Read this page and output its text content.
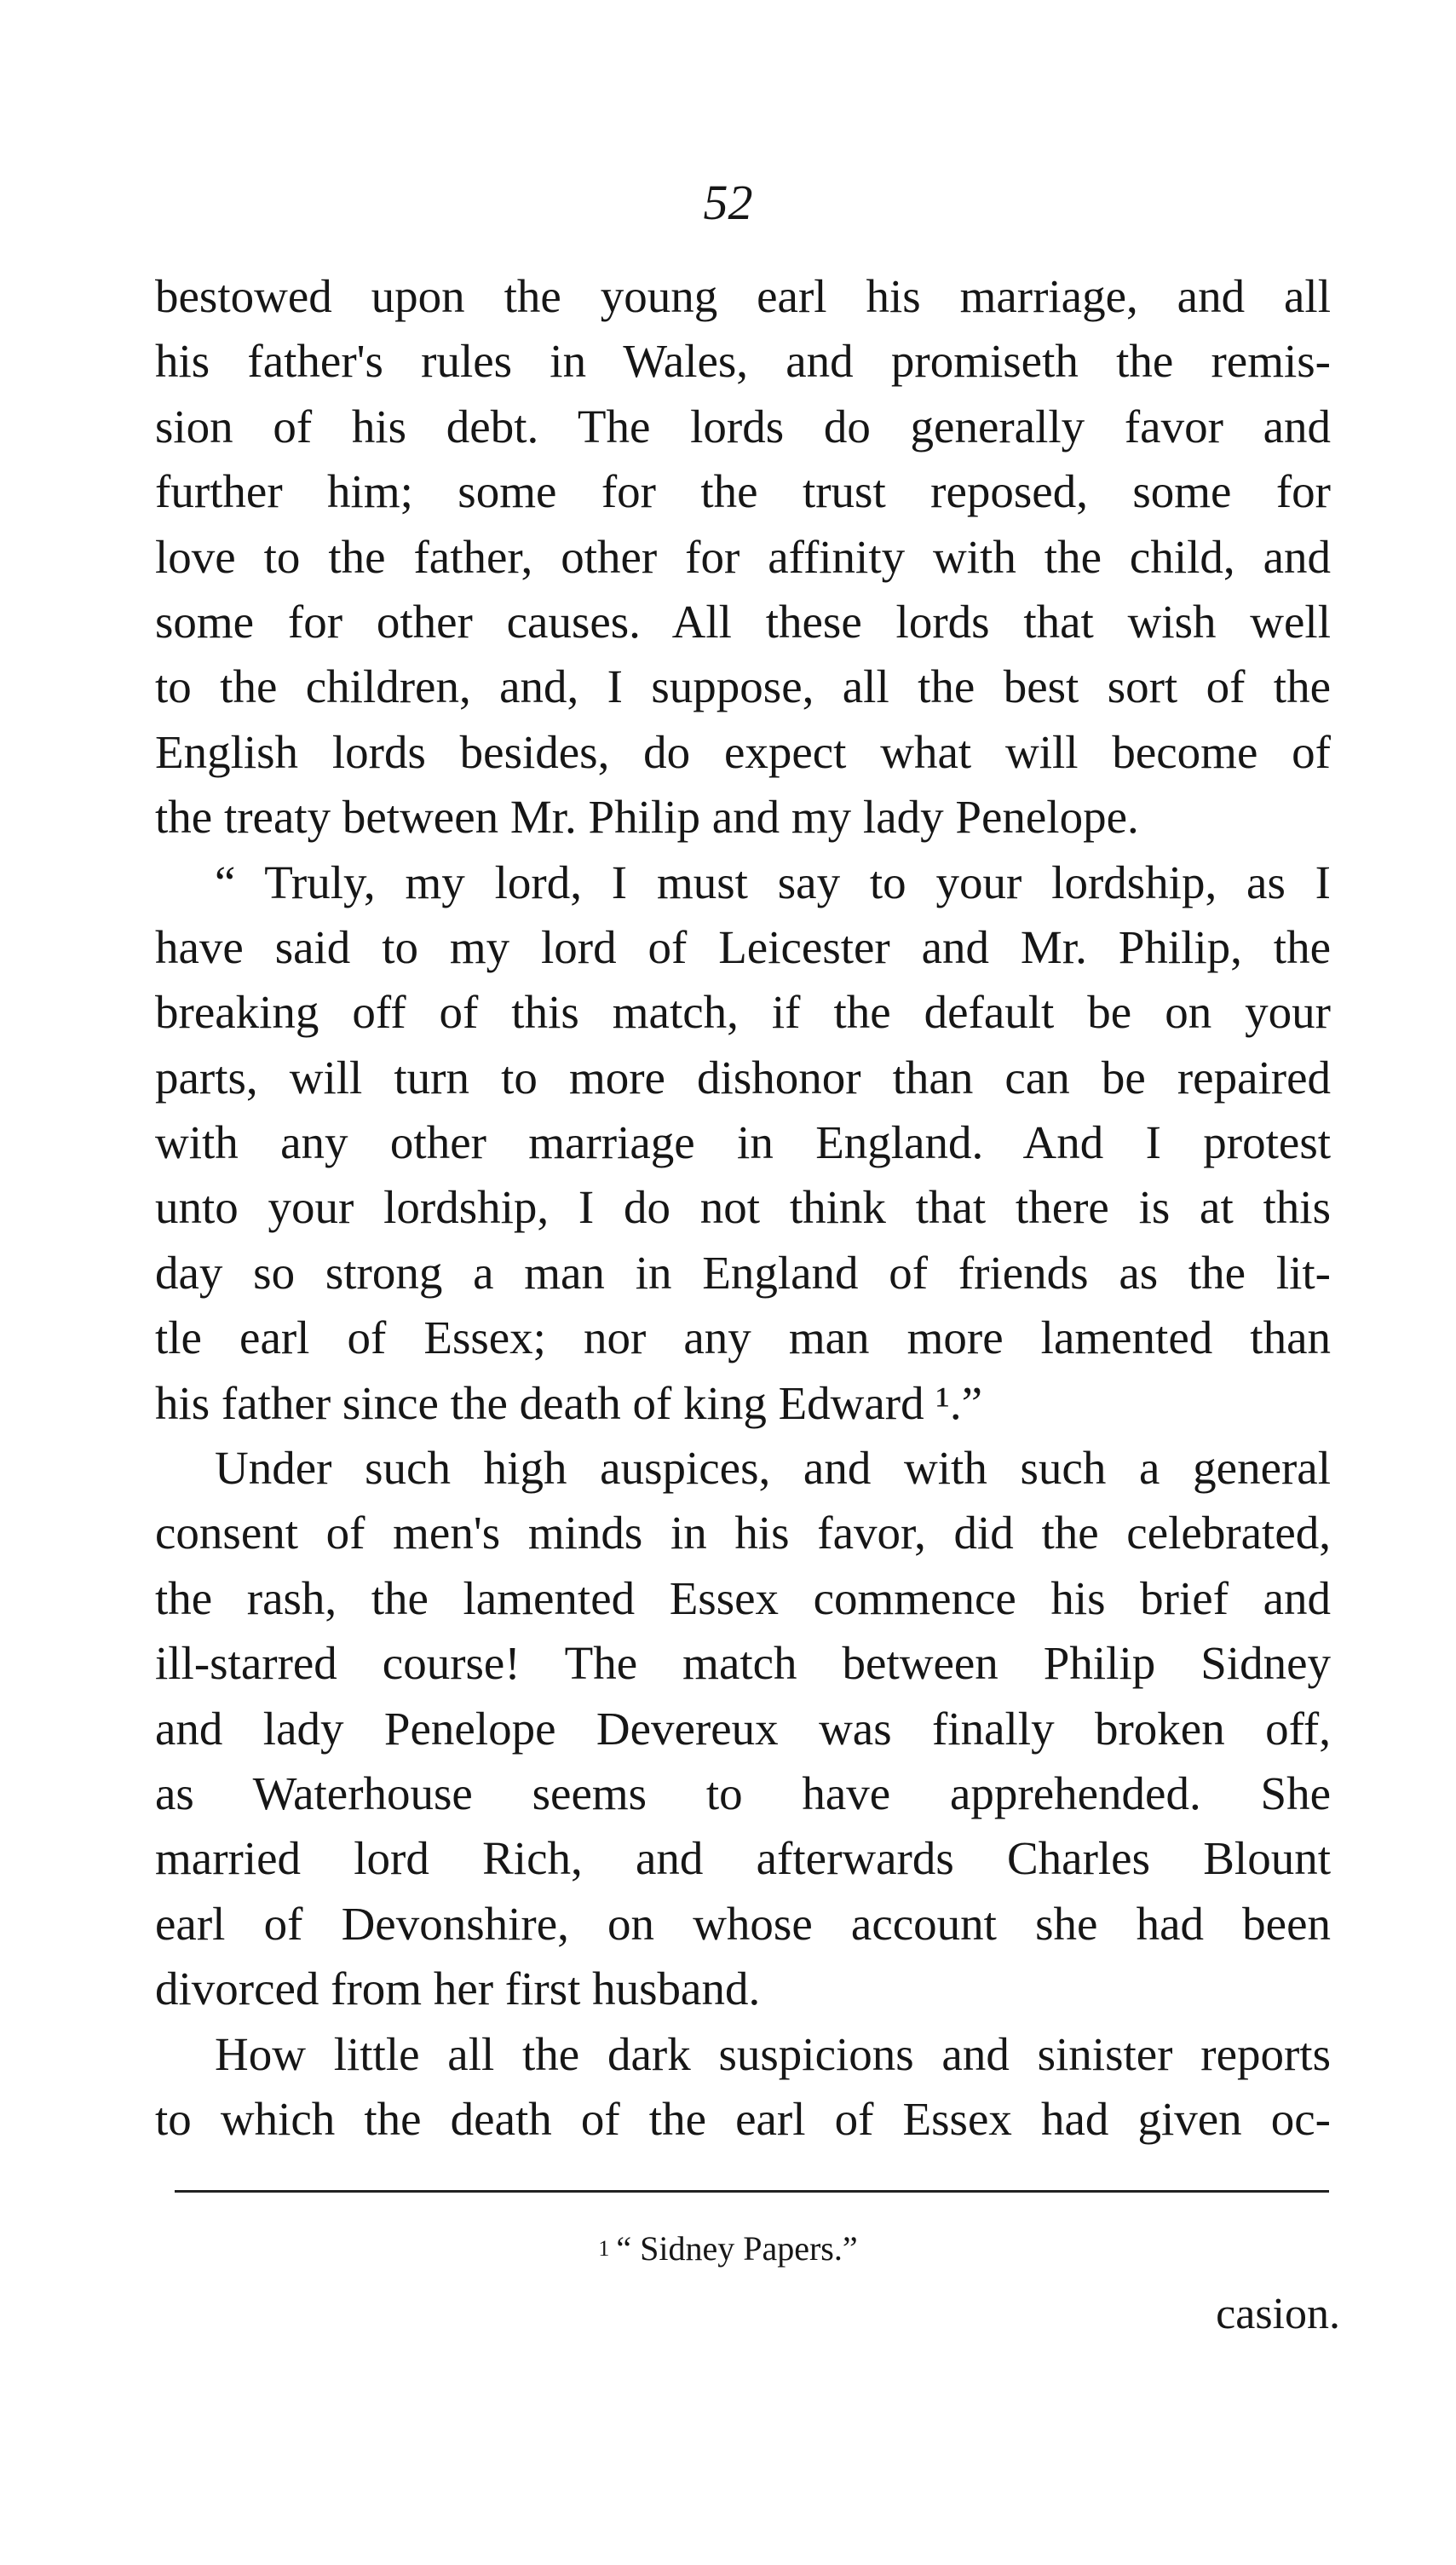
52
bestowed upon the young earl his marriage, and all
his father's rules in Wales, and promiseth the remis-
sion of his debt. The lords do generally favor and
further him; some for the trust reposed, some for
love to the father, other for affinity with the child, and
some for other causes. All these lords that wish well
to the children, and, I suppose, all the best sort of the
English lords besides, do expect what will become of
the treaty between Mr. Philip and my lady Penelope.
“ Truly, my lord, I must say to your lordship, as I
have said to my lord of Leicester and Mr. Philip, the
breaking off of this match, if the default be on your
parts, will turn to more dishonor than can be repaired
with any other marriage in England. And I protest
unto your lordship, I do not think that there is at this
day so strong a man in England of friends as the lit-
tle earl of Essex; nor any man more lamented than
his father since the death of king Edward ¹.”
Under such high auspices, and with such a general
consent of men's minds in his favor, did the celebrated,
the rash, the lamented Essex commence his brief and
ill-starred course! The match between Philip Sidney
and lady Penelope Devereux was finally broken off,
as Waterhouse seems to have apprehended. She
married lord Rich, and afterwards Charles Blount
earl of Devonshire, on whose account she had been
divorced from her first husband.
How little all the dark suspicions and sinister reports
to which the death of the earl of Essex had given oc-
$^1$ “ Sidney Papers.”
casion.
